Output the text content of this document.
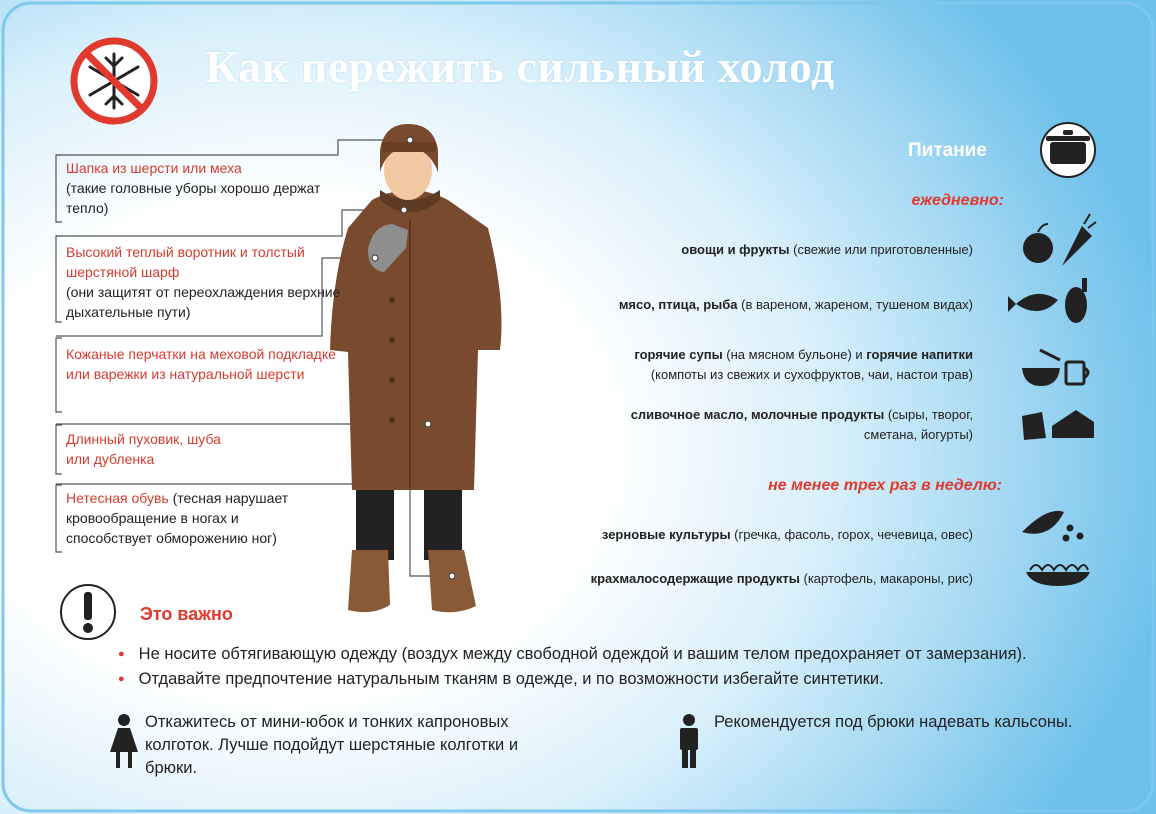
Как пережить сильный холод
Шапка из шерсти или меха
(такие головные уборы хорошо держат тепло)
Высокий теплый воротник и толстый шерстяной шарф
(они защитят от переохлаждения верхние дыхательные пути)
Кожаные перчатки на меховой подкладке или варежки из натуральной шерсти
Длинный пуховик, шуба или дубленка
Нетесная обувь (тесная нарушает кровообращение в ногах и способствует обморожению ног)
Питание
ежедневно:
овощи и фрукты (свежие или приготовленные)
мясо, птица, рыба (в вареном, жареном, тушеном видах)
горячие супы (на мясном бульоне) и горячие напитки
(компоты из свежих и сухофруктов, чаи, настои трав)
сливочное масло, молочные продукты (сыры, творог,
сметана, йогурты)
не менее трех раз в неделю:
зерновые культуры (гречка, фасоль, горох, чечевица, овес)
крахмалосодержащие продукты (картофель, макароны, рис)
Это важно
● Не носите обтягивающую одежду (воздух между свободной одеждой и вашим телом предохраняет от замерзания).
● Отдавайте предпочтение натуральным тканям в одежде, и по возможности избегайте синтетики.
Откажитесь от мини-юбок и тонких капроновых колготок. Лучше подойдут шерстяные колготки и брюки.
Рекомендуется под брюки надевать кальсоны.
